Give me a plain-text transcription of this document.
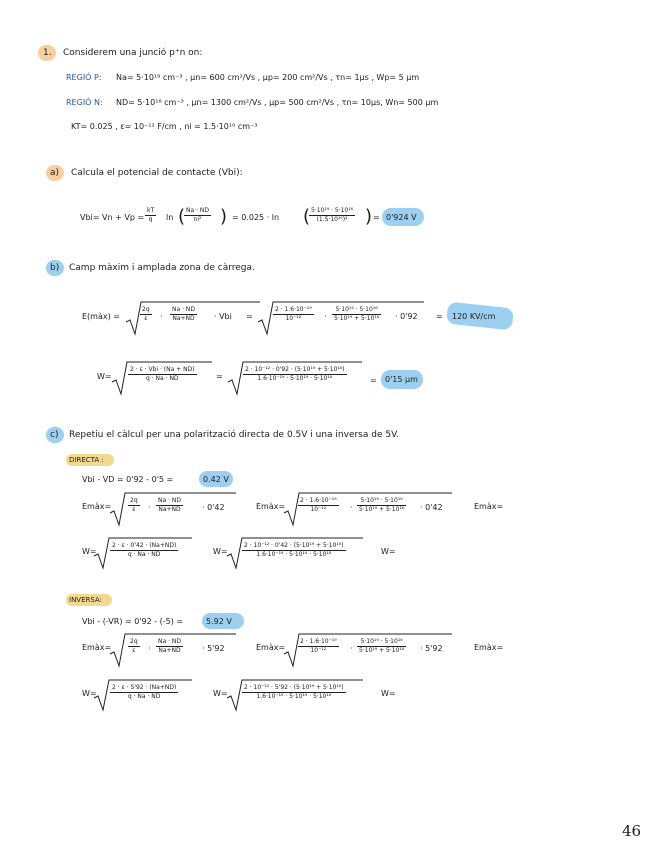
1. Considerem una junció p⁺n on:
REGIÓ P: Na= 5·10¹⁹ cm⁻³ , μn= 600 cm²/Vs , μp= 200 cm²/Vs , τn= 1μs , Wp= 5 μm
REGIÓ N: ND= 5·10¹⁶ cm⁻³ , μn= 1300 cm²/Vs , μp= 500 cm²/Vs , τn= 10μs, Wn= 500 μm
KT= 0.025 , ε= 10⁻¹² F/cm , ni = 1.5·10¹⁰ cm⁻³
a) Calcula el potencial de contacte (Vbi):
$Vbi= Vn + Vp = \frac{kT}{q}$ ln (
$\frac{Na \cdot ND}{\text{ni²}}$ ) = 0.025 · ln (
$\frac{\text{5·10¹⁹ · 5·10¹⁶}}{\text{(1.5·10¹⁰)²}}$ ) = 0'924 V
b) Camp màxim i amplada zona de càrrega.
E(màx) =	$\frac{2q}{\varepsilon} \cdot \frac{Na \cdot ND}{Na+ND}$ · Vbi =	$\frac{\text{2 · 1.6·10⁻¹⁹}}{\text{10⁻¹²}} \cdot \frac{\text{5·10¹⁹ · 5·10¹⁶}}{\text{5·10¹⁹ + 5·10¹⁶}} \cdot 0'92 = 120$ KV/cm
W=
2 · ε · Vbi · (Na + ND)
q · Na · ND	=	$\frac{\text{2 · 10⁻¹² · 0'92 · (5·10¹⁹ + 5·10¹⁶)}}{\text{1.6·10⁻¹⁹ · 5·10¹⁹ · 5·10¹⁶}}$	= 0'15 μm
c) Repetiu el càlcul per una polarització directa de 0.5V i una inversa de 5V.
DIRECTA :
Vbi - VD = 0'92 - 0'5 =	0.42 V
Emàx=	$\frac{2q}{\varepsilon} \cdot \frac{Na \cdot ND}{Na+ND} \cdot 0'42$	Emàx= $\frac{\text{2 · 1.6·10⁻¹⁹}}{\text{10⁻¹²}} \cdot \frac{\text{5·10¹⁹ · 5·10¹⁶}}{\text{5·10¹⁹ + 5·10¹⁶}} \cdot 0'42$	Emàx=
$W= \frac{2 \cdot \varepsilon \cdot 0'42 \cdot (Na+ND)}{q \cdot Na \cdot ND}$	$W= \frac{\text{2 · 10⁻¹² · 0'42 · (5·10¹⁹ + 5·10¹⁶)}}{\text{1.6·10⁻¹⁹ · 5·10¹⁹ · 5·10¹⁶}}$	W=
INVERSA:
Vbi - (-VR) = 0'92 - (-5) =	5.92 V
Emàx=	$\frac{2q}{\varepsilon} \cdot \frac{Na \cdot ND}{Na+ND} \cdot 5'92$	Emàx= $\frac{\text{2 · 1.6·10⁻¹⁹}}{\text{10⁻¹²}} \cdot \frac{\text{5·10¹⁹ · 5·10¹⁶}}{\text{5·10¹⁹ + 5·10¹⁶}} \cdot 5'92$	Emàx=
$W= \frac{2 \cdot \varepsilon \cdot 5'92 \cdot (Na+ND)}{q \cdot Na \cdot ND}$	$W= \frac{\text{2 · 10⁻¹² · 5'92 · (5·10¹⁹ + 5·10¹⁶)}}{\text{1.6·10⁻¹⁹ · 5·10¹⁹ · 5·10¹⁶}}$	W=
46
